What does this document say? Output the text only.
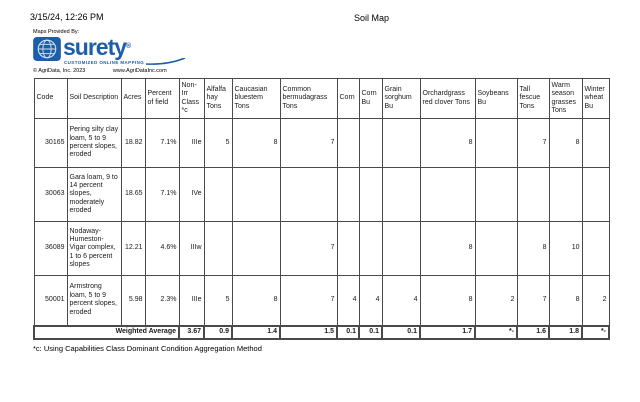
3/15/24, 12:26 PM	Soil Map
Maps Provided By:
surety®
CUSTOMIZED ONLINE MAPPING
© AgriData, Inc. 2023	www.AgriDataInc.com
Code	Soil Description	Acres	Percent of field	Non-Irr Class *c	Alfalfa hay Tons	Caucasian bluestem Tons	Common bermudagrass Tons	Corn	Corn Bu	Grain sorghum Bu	Orchardgrass red clover Tons	Soybeans Bu	Tall fescue Tons	Warm season grasses Tons	Winter wheat Bu
30165	Pering silty clay loam, 5 to 9 percent slopes, eroded	18.82	7.1%	IIIe	5	8	7				8		7	8	
30063	Gara loam, 9 to 14 percent slopes, moderately eroded	18.65	7.1%	IVe											
36089	Nodaway-Humeston-Vigar complex, 1 to 6 percent slopes	12.21	4.6%	IIIw			7				8		8	10	
50001	Armstrong loam, 5 to 9 percent slopes, eroded	5.98	2.3%	IIIe	5	8	7	4	4	4	8	2	7	8	2
Weighted Average				3.67	0.9	1.4	1.5	0.1	0.1	0.1	1.7	*-	1.6	1.8	*-
*c: Using Capabilities Class Dominant Condition Aggregation Method
